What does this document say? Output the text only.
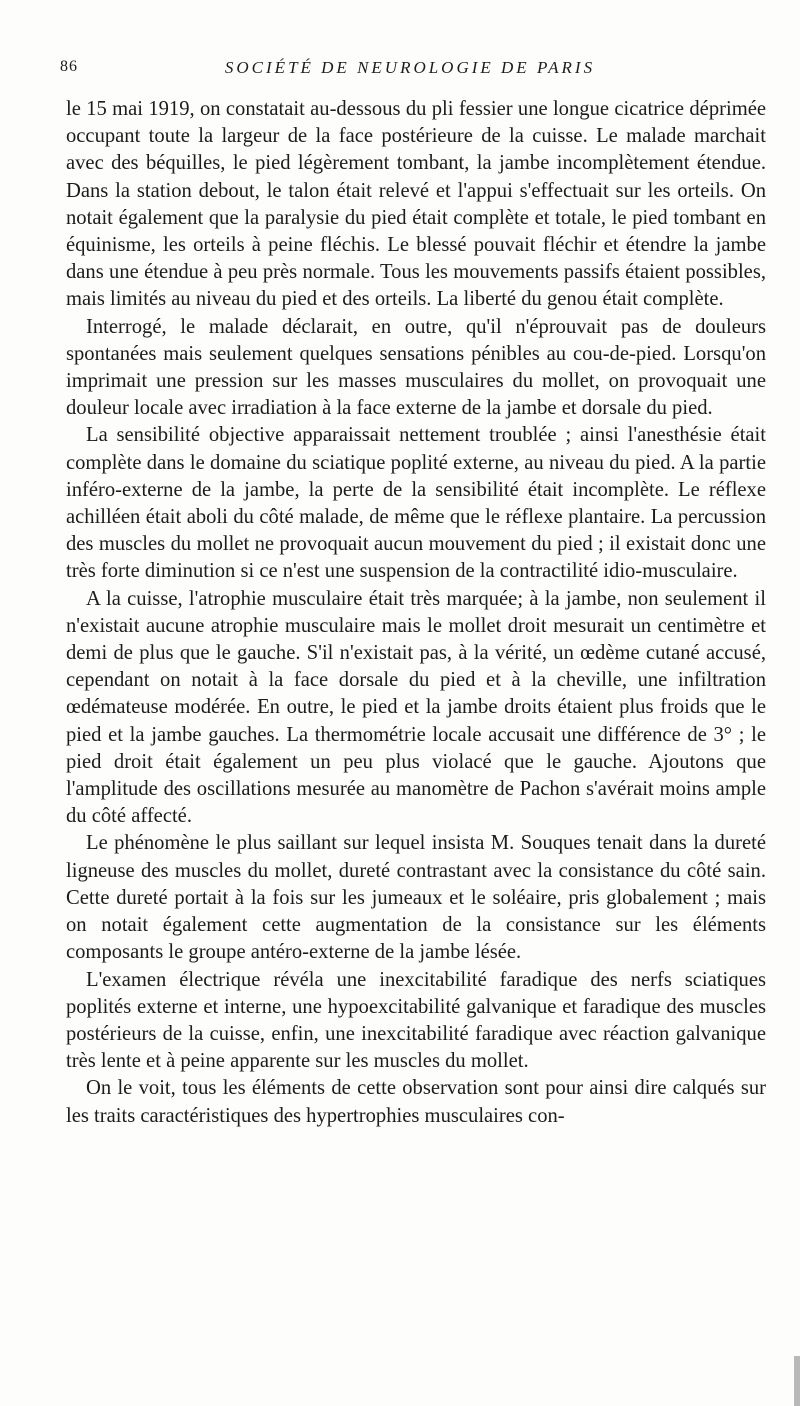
86	SOCIÉTÉ DE NEUROLOGIE DE PARIS

le 15 mai 1919, on constatait au-dessous du pli fessier une longue cicatrice déprimée occupant toute la largeur de la face postérieure de la cuisse. Le malade marchait avec des béquilles, le pied légèrement tombant, la jambe incomplètement étendue. Dans la station debout, le talon était relevé et l'appui s'effectuait sur les orteils. On notait également que la paralysie du pied était complète et totale, le pied tombant en équinisme, les orteils à peine fléchis. Le blessé pouvait fléchir et étendre la jambe dans une étendue à peu près normale. Tous les mouvements passifs étaient possibles, mais limités au niveau du pied et des orteils. La liberté du genou était complète.

Interrogé, le malade déclarait, en outre, qu'il n'éprouvait pas de douleurs spontanées mais seulement quelques sensations pénibles au cou-de-pied. Lorsqu'on imprimait une pression sur les masses musculaires du mollet, on provoquait une douleur locale avec irradiation à la face externe de la jambe et dorsale du pied.

La sensibilité objective apparaissait nettement troublée ; ainsi l'anesthésie était complète dans le domaine du sciatique poplité externe, au niveau du pied. A la partie inféro-externe de la jambe, la perte de la sensibilité était incomplète. Le réflexe achilléen était aboli du côté malade, de même que le réflexe plantaire. La percussion des muscles du mollet ne provoquait aucun mouvement du pied ; il existait donc une très forte diminution si ce n'est une suspension de la contractilité idio-musculaire.

A la cuisse, l'atrophie musculaire était très marquée; à la jambe, non seulement il n'existait aucune atrophie musculaire mais le mollet droit mesurait un centimètre et demi de plus que le gauche. S'il n'existait pas, à la vérité, un œdème cutané accusé, cependant on notait à la face dorsale du pied et à la cheville, une infiltration œdémateuse modérée. En outre, le pied et la jambe droits étaient plus froids que le pied et la jambe gauches. La thermométrie locale accusait une différence de 3° ; le pied droit était également un peu plus violacé que le gauche. Ajoutons que l'amplitude des oscillations mesurée au manomètre de Pachon s'avérait moins ample du côté affecté.

Le phénomène le plus saillant sur lequel insista M. Souques tenait dans la dureté ligneuse des muscles du mollet, dureté contrastant avec la consistance du côté sain. Cette dureté portait à la fois sur les jumeaux et le soléaire, pris globalement ; mais on notait également cette augmentation de la consistance sur les éléments composants le groupe antéro-externe de la jambe lésée.

L'examen électrique révéla une inexcitabilité faradique des nerfs sciatiques poplités externe et interne, une hypoexcitabilité galvanique et faradique des muscles postérieurs de la cuisse, enfin, une inexcitabilité faradique avec réaction galvanique très lente et à peine apparente sur les muscles du mollet.

On le voit, tous les éléments de cette observation sont pour ainsi dire calqués sur les traits caractéristiques des hypertrophies musculaires con-
